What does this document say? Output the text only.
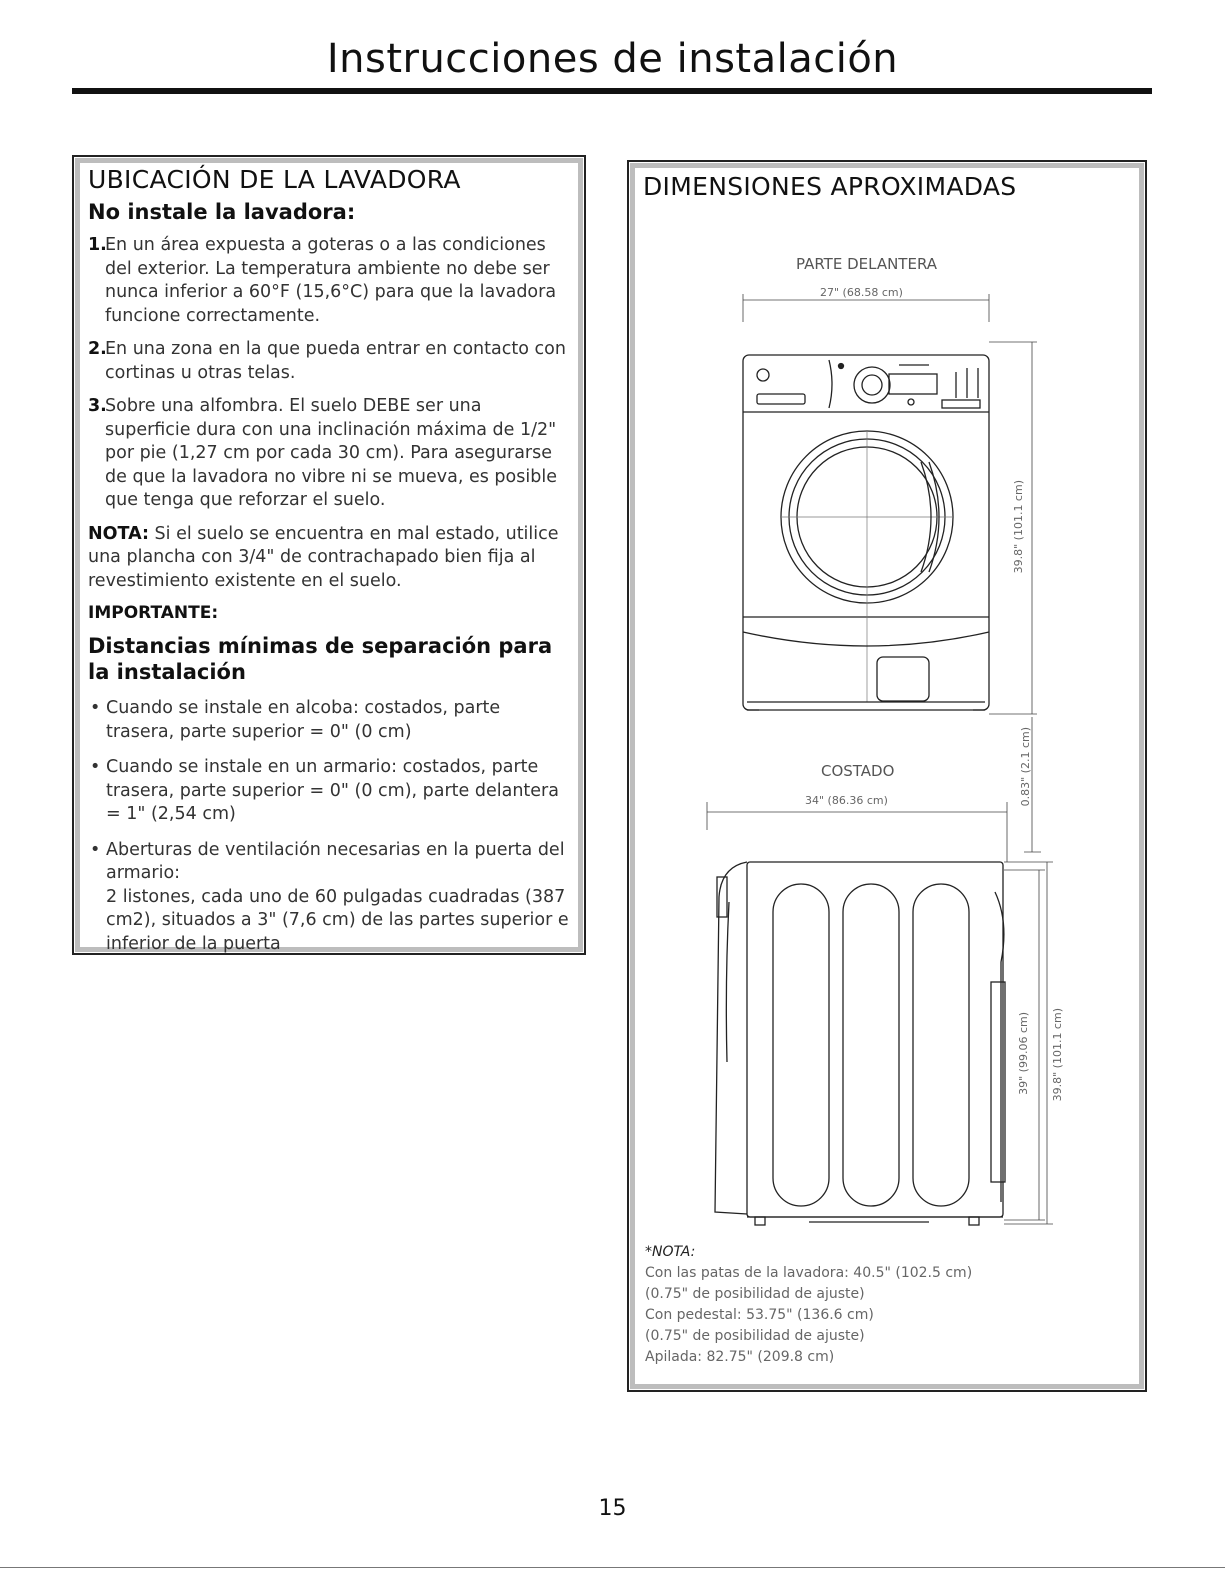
Instrucciones de instalación
UBICACIÓN DE LA LAVADORA
No instale la lavadora:
1.
En un área expuesta a goteras o a las condiciones del exterior. La temperatura ambiente no debe ser nunca inferior a 60°F (15,6°C) para que la lavadora funcione correctamente.
2.
En una zona en la que pueda entrar en contacto con cortinas u otras telas.
3.
Sobre una alfombra. El suelo DEBE ser una superficie dura con una inclinación máxima de 1/2" por pie (1,27 cm por cada 30 cm). Para asegurarse de que la lavadora no vibre ni se mueva, es posible que tenga que reforzar el suelo.
NOTA: Si el suelo se encuentra en mal estado, utilice una plancha con 3/4" de contrachapado bien fija al revestimiento existente en el suelo.
IMPORTANTE:
Distancias mínimas de separación para la instalación
• Cuando se instale en alcoba: costados, parte trasera, parte superior = 0" (0 cm)
• Cuando se instale en un armario: costados, parte trasera, parte superior = 0" (0 cm), parte delantera = 1" (2,54 cm)
• Aberturas de ventilación necesarias en la puerta del armario:
2 listones, cada uno de 60 pulgadas cuadradas (387 cm2), situados a 3" (7,6 cm) de las partes superior e inferior de la puerta
DIMENSIONES APROXIMADAS
PARTE DELANTERA
27" (68.58 cm)
39.8" (101.1 cm)
0.83" (2.1 cm)
39" (99.06 cm) 39.8" (101.1 cm)
COSTADO
34" (86.36 cm)
*NOTA:
Con las patas de la lavadora: 40.5" (102.5 cm)
(0.75" de posibilidad de ajuste)
Con pedestal: 53.75" (136.6 cm)
(0.75" de posibilidad de ajuste)
Apilada: 82.75" (209.8 cm)
15
